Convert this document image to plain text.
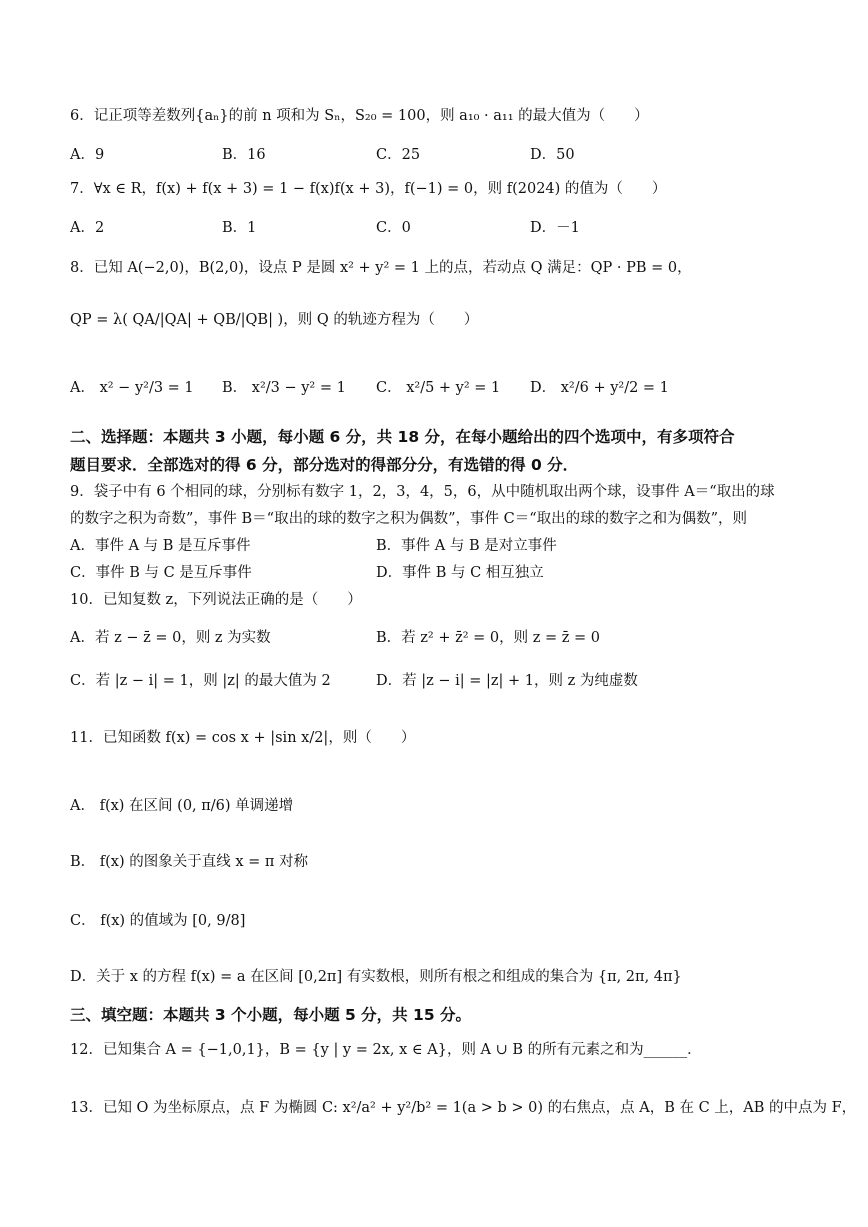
6．记正项等差数列{aₙ}的前 n 项和为 Sₙ，S₂₀ = 100，则 a₁₀ · a₁₁ 的最大值为（　　）
A．9	B．16	C．25	D．50
7．∀x ∈ R，f(x) + f(x + 3) = 1 − f(x)f(x + 3)，f(−1) = 0，则 f(2024) 的值为（　　）
A．2	B．1	C．0	D．－1
8．已知 A(−2,0)，B(2,0)，设点 P 是圆 x² + y² = 1 上的点，若动点 Q 满足：QP · PB = 0，
QP = λ( QA/|QA| + QB/|QB| )，则 Q 的轨迹方程为（　　）
A． x² − y²/3 = 1 B． x²/3 − y² = 1 C． x²/5 + y² = 1 D． x²/6 + y²/2 = 1
二、选择题：本题共 3 小题，每小题 6 分，共 18 分，在每小题给出的四个选项中，有多项符合
题目要求．全部选对的得 6 分，部分选对的得部分分，有选错的得 0 分．
9．袋子中有 6 个相同的球，分别标有数字 1，2，3，4，5，6，从中随机取出两个球，设事件 A＝“取出的球
的数字之积为奇数”，事件 B＝“取出的球的数字之积为偶数”，事件 C＝“取出的球的数字之和为偶数”，则
A．事件 A 与 B 是互斥事件	B．事件 A 与 B 是对立事件
C．事件 B 与 C 是互斥事件	D．事件 B 与 C 相互独立
10．已知复数 z，下列说法正确的是（　　）
A．若 z − z̄ = 0，则 z 为实数	B．若 z² + z̄² = 0，则 z = z̄ = 0
C．若 |z − i| = 1，则 |z| 的最大值为 2	D．若 |z − i| = |z| + 1，则 z 为纯虚数
11．已知函数 f(x) = cos x + |sin x/2|，则（　　）
A． f(x) 在区间 (0, π/6) 单调递增
B． f(x) 的图象关于直线 x = π 对称
C． f(x) 的值域为 [0, 9/8]
D．关于 x 的方程 f(x) = a 在区间 [0,2π] 有实数根，则所有根之和组成的集合为 {π, 2π, 4π}
三、填空题：本题共 3 个小题，每小题 5 分，共 15 分。
12．已知集合 A = {−1,0,1}，B = {y | y = 2x, x ∈ A}，则 A ∪ B 的所有元素之和为______．
13．已知 O 为坐标原点，点 F 为椭圆 C: x²/a² + y²/b² = 1(a > b > 0) 的右焦点，点 A，B 在 C 上，AB 的中点为 F，
